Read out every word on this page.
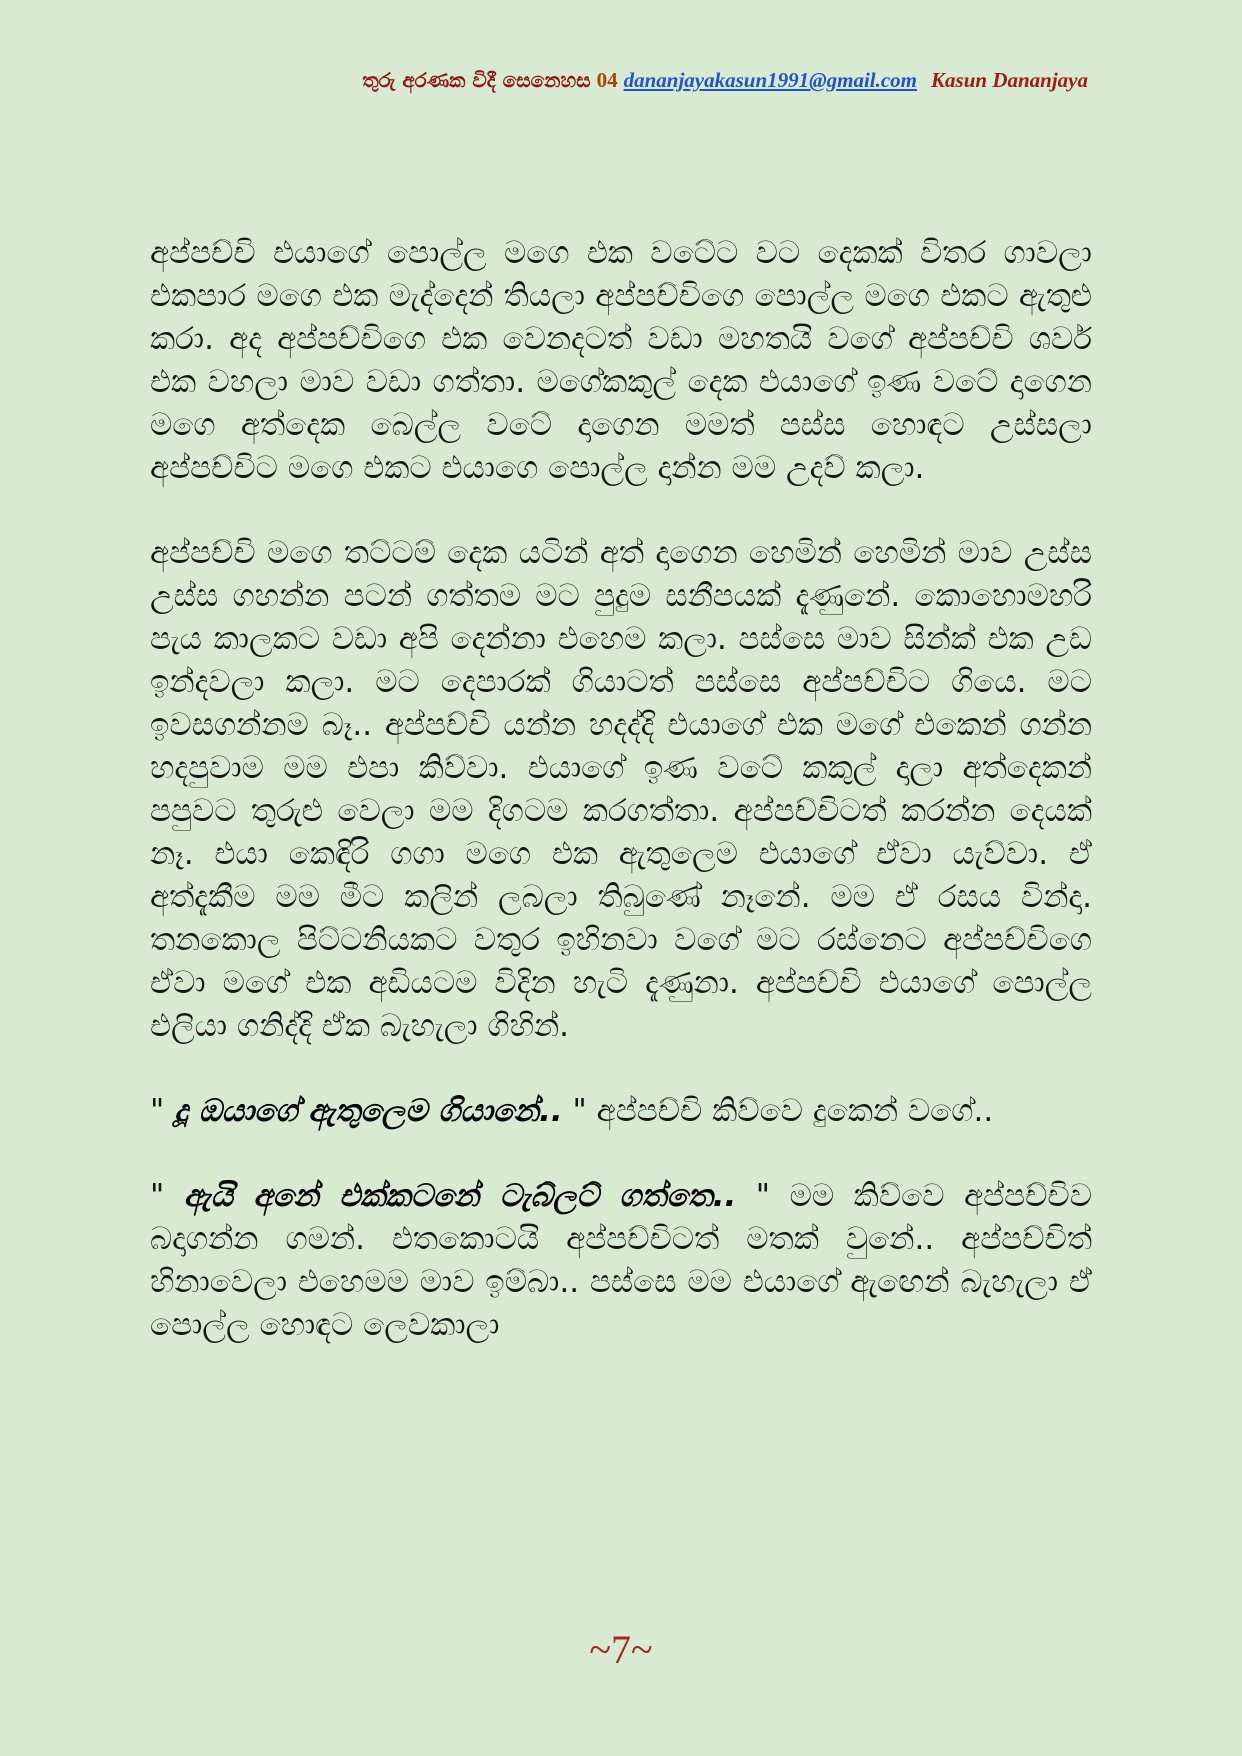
තුරු අරණක විදී සෙනෙහස 04 dananjayakasun1991@gmail.com Kasun Dananjaya

අප්පච්චි එයාගේ පොල්ල මගෙ එක වටේට වට දෙකක් විතර ගාවලා එකපාර මගෙ එක මැද්දෙන් තියලා අප්පච්චිගෙ පොල්ල මගෙ එකට ඇතුළු කරා. අද අප්පච්චිගෙ එක වෙනදටත් වඩා මහතයි වගේ අප්පච්චි ශවර් එක වහලා මාව වඩා ගත්තා. මගේකකුල් දෙක එයාගේ ඉණ වටේ දාගෙන මගෙ අත්දෙක බෙල්ල වටේ දාගෙන මමත් පස්ස හොඳට උස්සලා අප්පච්චිට මගෙ එකට එයාගෙ පොල්ල දාන්න මම උදව් කලා.

අප්පච්චි මගෙ තට්ටම් දෙක යටින් අත් දාගෙන හෙමින් හෙමින් මාව උස්ස උස්ස ගහන්න පටන් ගත්තම මට පුදුම සනීපයක් දැණුනේ. කොහොමහරි පැය කාලකට වඩා අපි දෙන්නා එහෙම කලා. පස්සෙ මාව සින්ක් එක උඩ ඉන්දවලා කලා. මට දෙපාරක් ගියාටත් පස්සෙ අප්පච්චිට ගියෙ. මට ඉවසගන්නම බෑ.. අප්පච්චි යන්න හදද්දි එයාගේ එක මගේ එකෙන් ගන්න හදපුවාම මම එපා කිව්වා. එයාගේ ඉණ වටේ කකුල් දාලා අත්දෙකන් පපුවට තුරුළු වෙලා මම දිගටම කරගත්තා. අප්පච්චිටත් කරන්න දෙයක් නෑ. එයා කෙඳිරි ගගා මගෙ එක ඇතුලෙම එයාගේ ඒවා යැව්වා. ඒ අත්දැකීම මම මීට කලින් ලබලා තිබුණේ නෑනේ. මම ඒ රසය වින්දා. තනකොල පිට්ටනියකට වතුර ඉහිනවා වගේ මට රස්නෙට අප්පච්චිගෙ ඒවා මගේ එක අඩියටම විදින හැටි දැණුනා. අප්පච්චි එයාගේ පොල්ල එලියා ගනිද්දි ඒක බැහැලා ගිහින්.

" දූ ඔයාගේ ඇතුලෙම ගියානේ.. " අප්පච්චි කිව්වෙ දුකෙන් වගේ..

" ඇයි අනේ එක්කටනේ ටැබ්ලට් ගත්තෙ.. " මම කිව්වෙ අප්පච්චිව බදාගන්න ගමන්. එතකොටයි අප්පච්චිටත් මතක් වුනේ.. අප්පච්චිත් හිනාවෙලා එහෙමම මාව ඉම්බා.. පස්සෙ මම එයාගේ ඇඟෙන් බැහැලා ඒ පොල්ල හොඳට ලෙවකාලා

~7~
